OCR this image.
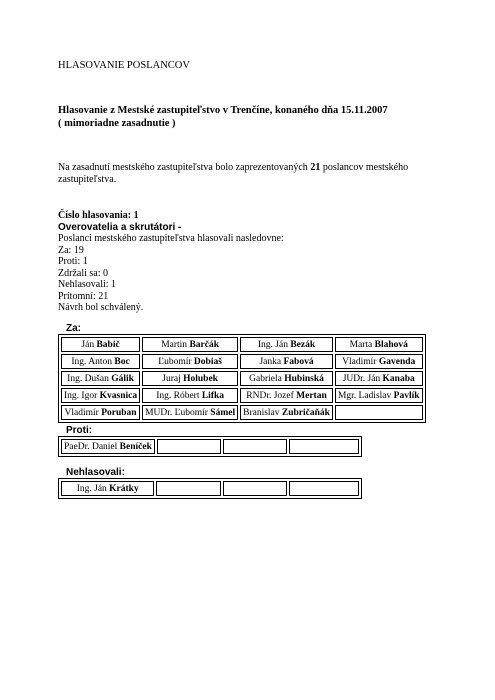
HLASOVANIE POSLANCOV
Hlasovanie z Mestské zastupiteľstvo v Trenčíne, konaného dňa 15.11.2007
( mimoriadne zasadnutie )
Na zasadnutí mestského zastupiteľstva bolo zaprezentovaných 21 poslancov mestského
zastupiteľstva.
Číslo hlasovania: 1
Overovatelia a skrutátori -
Poslanci mestského zastupiteľstva hlasovali nasledovne:
Za: 19
Proti: 1
Zdržali sa: 0
Nehlasovali: 1
Prítomní: 21
Návrh bol schválený.
Za:
Ján Babič	Martin Barčák	Ing. Ján Bezák	Marta Blahová
Ing. Anton Boc	Ľubomír Dobiaš	Janka Fabová	Vladimír Gavenda
Ing. Dušan Gálik	Juraj Holubek	Gabriela Hubinská	JUDr. Ján Kanaba
Ing. Igor Kvasnica	Ing. Róbert Lifka	RNDr. Jozef Mertan	Mgr. Ladislav Pavlík
Vladimír Poruban	MUDr. Ľubomír Sámel	Branislav Zubričaňák	
Proti:
PaeDr. Daniel Beníček			
Nehlasovali:
Ing. Ján Krátky			
